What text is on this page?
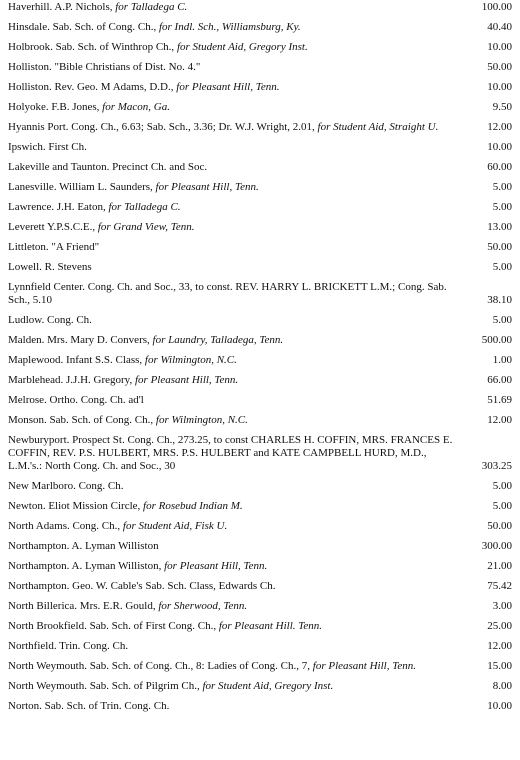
Haverhill. A.P. Nichols, for Talladega C.	100.00
Hinsdale. Sab. Sch. of Cong. Ch., for Indl. Sch., Williamsburg, Ky.	40.40
Holbrook. Sab. Sch. of Winthrop Ch., for Student Aid, Gregory Inst.	10.00
Holliston. "Bible Christians of Dist. No. 4."	50.00
Holliston. Rev. Geo. M Adams, D.D., for Pleasant Hill, Tenn.	10.00
Holyoke. F.B. Jones, for Macon, Ga.	9.50
Hyannis Port. Cong. Ch., 6.63; Sab. Sch., 3.36; Dr. W.J. Wright, 2.01, for Student Aid, Straight U.	12.00
Ipswich. First Ch.	10.00
Lakeville and Taunton. Precinct Ch. and Soc.	60.00
Lanesville. William L. Saunders, for Pleasant Hill, Tenn.	5.00
Lawrence. J.H. Eaton, for Talladega C.	5.00
Leverett Y.P.S.C.E., for Grand View, Tenn.	13.00
Littleton. "A Friend"	50.00
Lowell. R. Stevens	5.00
Lynnfield Center. Cong. Ch. and Soc., 33, to const. REV. HARRY L. BRICKETT L.M.; Cong. Sab. Sch., 5.10	38.10
Ludlow. Cong. Ch.	5.00
Malden. Mrs. Mary D. Convers, for Laundry, Talladega, Tenn.	500.00
Maplewood. Infant S.S. Class, for Wilmington, N.C.	1.00
Marblehead. J.J.H. Gregory, for Pleasant Hill, Tenn.	66.00
Melrose. Ortho. Cong. Ch. ad'l	51.69
Monson. Sab. Sch. of Cong. Ch., for Wilmington, N.C.	12.00
Newburyport. Prospect St. Cong. Ch., 273.25, to const CHARLES H. COFFIN, MRS. FRANCES E. COFFIN, REV. P.S. HULBERT, MRS. P.S. HULBERT and KATE CAMPBELL HURD, M.D., L.M.'s.: North Cong. Ch. and Soc., 30	303.25
New Marlboro. Cong. Ch.	5.00
Newton. Eliot Mission Circle, for Rosebud Indian M.	5.00
North Adams. Cong. Ch., for Student Aid, Fisk U.	50.00
Northampton. A. Lyman Williston	300.00
Northampton. A. Lyman Williston, for Pleasant Hill, Tenn.	21.00
Northampton. Geo. W. Cable's Sab. Sch. Class, Edwards Ch.	75.42
North Billerica. Mrs. E.R. Gould, for Sherwood, Tenn.	3.00
North Brookfield. Sab. Sch. of First Cong. Ch., for Pleasant Hill. Tenn.	25.00
Northfield. Trin. Cong. Ch.	12.00
North Weymouth. Sab. Sch. of Cong. Ch., 8: Ladies of Cong. Ch., 7, for Pleasant Hill, Tenn.	15.00
North Weymouth. Sab. Sch. of Pilgrim Ch., for Student Aid, Gregory Inst.	8.00
Norton. Sab. Sch. of Trin. Cong. Ch.	10.00
